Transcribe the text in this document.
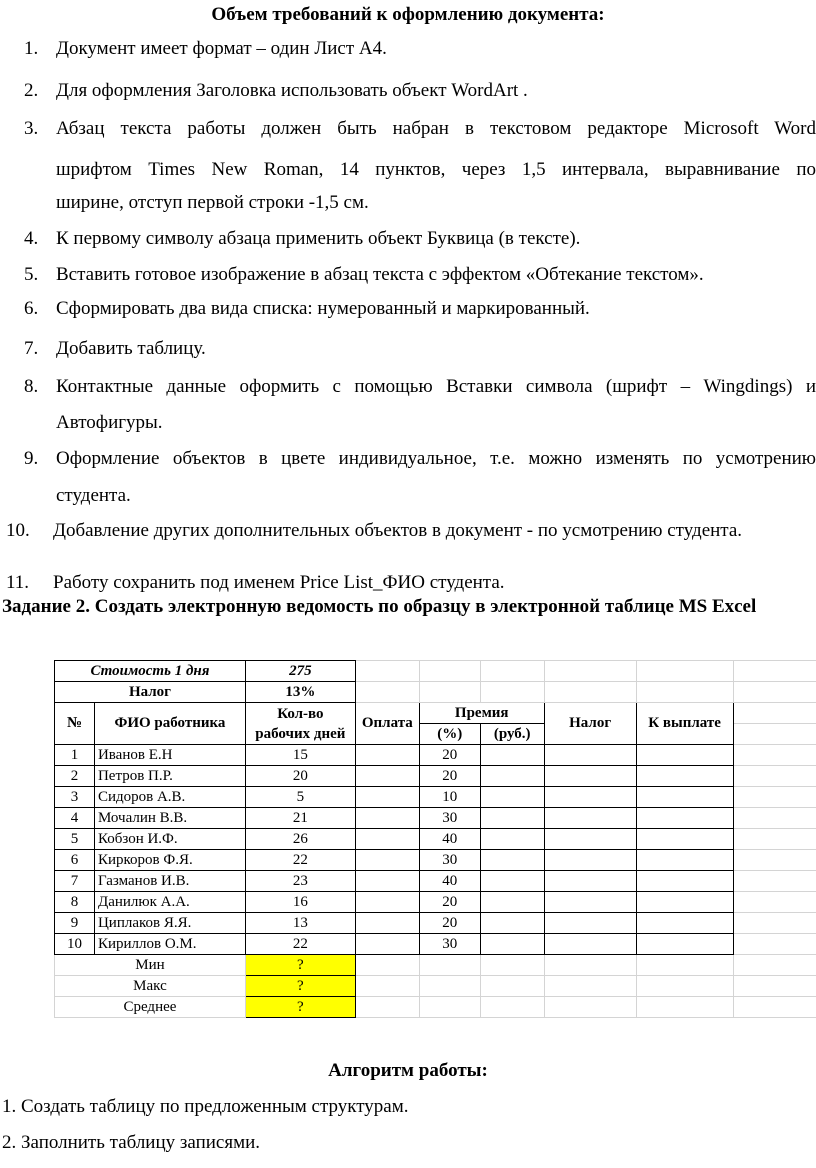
Объем требований к оформлению документа:
1. Документ имеет формат – один Лист А4.
2. Для оформления Заголовка использовать объект WordArt .
3. Абзац текста работы должен быть набран в текстовом редакторе Microsoft Word
шрифтом Times New Roman, 14 пунктов, через 1,5 интервала, выравнивание по
ширине, отступ первой строки -1,5 см.
4. К первому символу абзаца применить объект Буквица (в тексте).
5. Вставить готовое изображение в абзац текста с эффектом «Обтекание текстом».
6. Сформировать два вида списка: нумерованный и маркированный.
7. Добавить таблицу.
8. Контактные данные оформить с помощью Вставки символа (шрифт – Wingdings) и
Автофигуры.
9. Оформление объектов в цвете индивидуальное, т.е. можно изменять по усмотрению
студента.
10. Добавление других дополнительных объектов в документ - по усмотрению студента.
11. Работу сохранить под именем Price List_ФИО студента.
Задание 2. Создать электронную ведомость по образцу в электронной таблице MS Excel
Стоимость 1 дня		275						
Налог		13%						
№	ФИО работника	Кол-во рабочих дней	Оплата	Премия		Налог	К выплате	
				(%)	(руб.)			
1	Иванов Е.Н	15		20				
2	Петров П.Р.	20		20				
3	Сидоров А.В.	5		10				
4	Мочалин В.В.	21		30				
5	Кобзон И.Ф.	26		40				
6	Киркоров Ф.Я.	22		30				
7	Газманов И.В.	23		40				
8	Данилюк А.А.	16		20				
9	Циплаков Я.Я.	13		20				
10	Кириллов О.М.	22		30				
Мин		?						
Макс		?						
Среднее		?						
Алгоритм работы:
1. Создать таблицу по предложенным структурам.
2. Заполнить таблицу записями.
